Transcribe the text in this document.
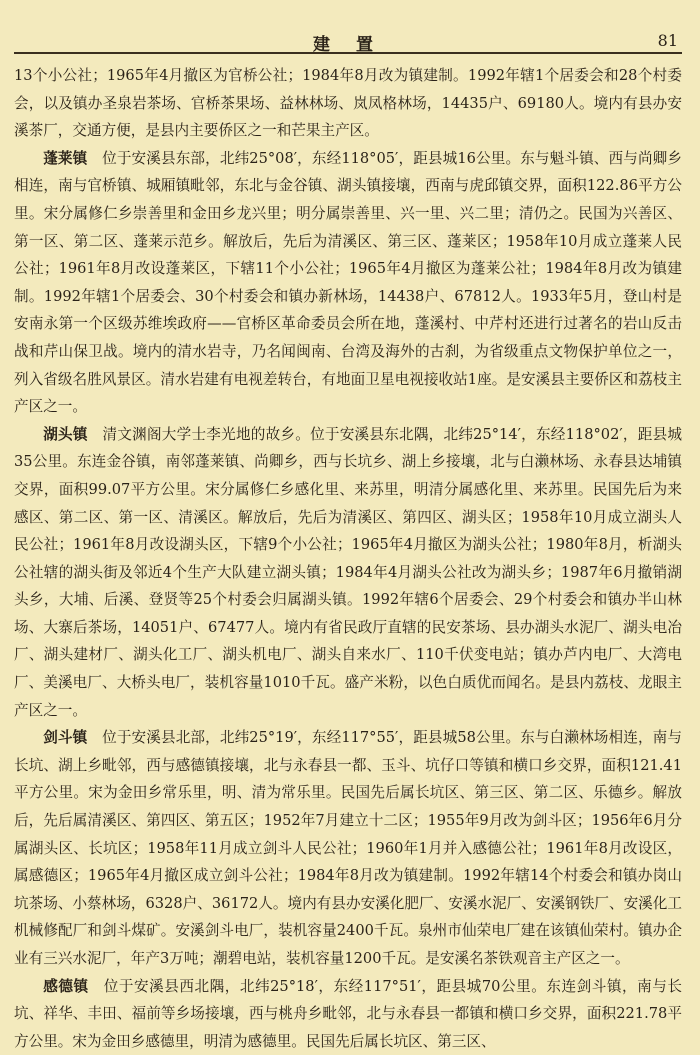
建 置	81

13个小公社；1965年4月撤区为官桥公社；1984年8月改为镇建制。1992年辖1个居委会和28个村委会，以及镇办圣泉岩茶场、官桥茶果场、益林林场、岚凤格林场，14435户、69180人。境内有县办安溪茶厂，交通方便，是县内主要侨区之一和芒果主产区。

蓬莱镇　 位于安溪县东部，北纬25°08′，东经118°05′，距县城16公里。东与魁斗镇、西与尚卿乡相连，南与官桥镇、城厢镇毗邻，东北与金谷镇、湖头镇接壤，西南与虎邱镇交界，面积122.86平方公里。宋分属修仁乡崇善里和金田乡龙兴里；明分属崇善里、兴一里、兴二里；清仍之。民国为兴善区、第一区、第二区、蓬莱示范乡。解放后，先后为清溪区、第三区、蓬莱区；1958年10月成立蓬莱人民公社；1961年8月改设蓬莱区，下辖11个小公社；1965年4月撤区为蓬莱公社；1984年8月改为镇建制。1992年辖1个居委会、30个村委会和镇办新林场，14438户、67812人。1933年5月，登山村是安南永第一个区级苏维埃政府——官桥区革命委员会所在地，蓬溪村、中芹村还进行过著名的岩山反击战和芹山保卫战。境内的清水岩寺，乃名闻闽南、台湾及海外的古刹，为省级重点文物保护单位之一，列入省级名胜风景区。清水岩建有电视差转台，有地面卫星电视接收站1座。是安溪县主要侨区和荔枝主产区之一。

湖头镇　 清文渊阁大学士李光地的故乡。位于安溪县东北隅，北纬25°14′，东经118°02′，距县城35公里。东连金谷镇，南邻蓬莱镇、尚卿乡，西与长坑乡、湖上乡接壤，北与白濑林场、永春县达埔镇交界，面积99.07平方公里。宋分属修仁乡感化里、来苏里，明清分属感化里、来苏里。民国先后为来感区、第二区、第一区、清溪区。解放后，先后为清溪区、第四区、湖头区；1958年10月成立湖头人民公社；1961年8月改设湖头区，下辖9个小公社；1965年4月撤区为湖头公社；1980年8月，析湖头公社辖的湖头街及邻近4个生产大队建立湖头镇；1984年4月湖头公社改为湖头乡；1987年6月撤销湖头乡，大埔、后溪、登贤等25个村委会归属湖头镇。1992年辖6个居委会、29个村委会和镇办半山林场、大寨后茶场，14051户、67477人。境内有省民政厅直辖的民安茶场、县办湖头水泥厂、湖头电冶厂、湖头建材厂、湖头化工厂、湖头机电厂、湖头自来水厂、110千伏变电站；镇办芦内电厂、大湾电厂、美溪电厂、大桥头电厂，装机容量1010千瓦。盛产米粉，以色白质优而闻名。是县内荔枝、龙眼主产区之一。

剑斗镇　 位于安溪县北部，北纬25°19′，东经117°55′，距县城58公里。东与白濑林场相连，南与长坑、湖上乡毗邻，西与感德镇接壤，北与永春县一都、玉斗、坑仔口等镇和横口乡交界，面积121.41平方公里。宋为金田乡常乐里，明、清为常乐里。民国先后属长坑区、第三区、第二区、乐德乡。解放后，先后属清溪区、第四区、第五区；1952年7月建立十二区；1955年9月改为剑斗区；1956年6月分属湖头区、长坑区；1958年11月成立剑斗人民公社；1960年1月并入感德公社；1961年8月改设区，属感德区；1965年4月撤区成立剑斗公社；1984年8月改为镇建制。1992年辖14个村委会和镇办岗山坑茶场、小蔡林场，6328户、36172人。境内有县办安溪化肥厂、安溪水泥厂、安溪钢铁厂、安溪化工机械修配厂和剑斗煤矿。安溪剑斗电厂，装机容量2400千瓦。泉州市仙荣电厂建在该镇仙荣村。镇办企业有三兴水泥厂，年产3万吨；潮碧电站，装机容量1200千瓦。是安溪名茶铁观音主产区之一。

感德镇　 位于安溪县西北隅，北纬25°18′，东经117°51′，距县城70公里。东连剑斗镇，南与长坑、祥华、丰田、福前等乡场接壤，西与桃舟乡毗邻，北与永春县一都镇和横口乡交界，面积221.78平方公里。宋为金田乡感德里，明清为感德里。民国先后属长坑区、第三区、
